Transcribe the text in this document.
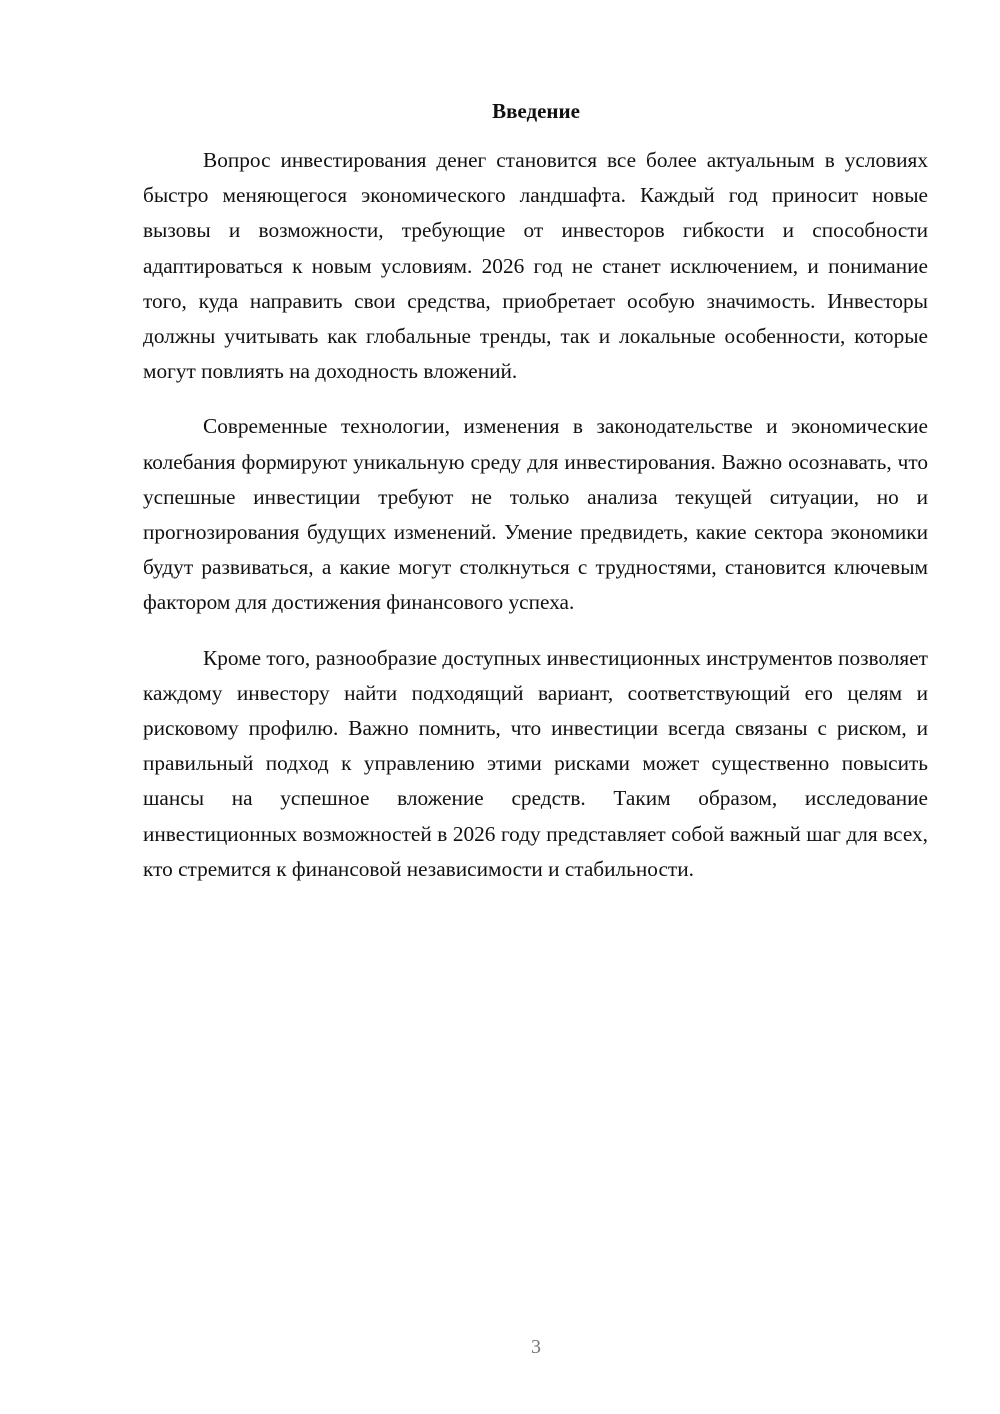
Введение

Вопрос инвестирования денег становится все более актуальным в условиях быстро меняющегося экономического ландшафта. Каждый год приносит новые вызовы и возможности, требующие от инвесторов гибкости и способности адаптироваться к новым условиям. 2026 год не станет исключением, и понимание того, куда направить свои средства, приобретает особую значимость. Инвесторы должны учитывать как глобальные тренды, так и локальные особенности, которые могут повлиять на доходность вложений.

Современные технологии, изменения в законодательстве и экономические колебания формируют уникальную среду для инвестирования. Важно осознавать, что успешные инвестиции требуют не только анализа текущей ситуации, но и прогнозирования будущих изменений. Умение предвидеть, какие сектора экономики будут развиваться, а какие могут столкнуться с трудностями, становится ключевым фактором для достижения финансового успеха.

Кроме того, разнообразие доступных инвестиционных инструментов позволяет каждому инвестору найти подходящий вариант, соответствующий его целям и рисковому профилю. Важно помнить, что инвестиции всегда связаны с риском, и правильный подход к управлению этими рисками может существенно повысить шансы на успешное вложение средств. Таким образом, исследование инвестиционных возможностей в 2026 году представляет собой важный шаг для всех, кто стремится к финансовой независимости и стабильности.

3
